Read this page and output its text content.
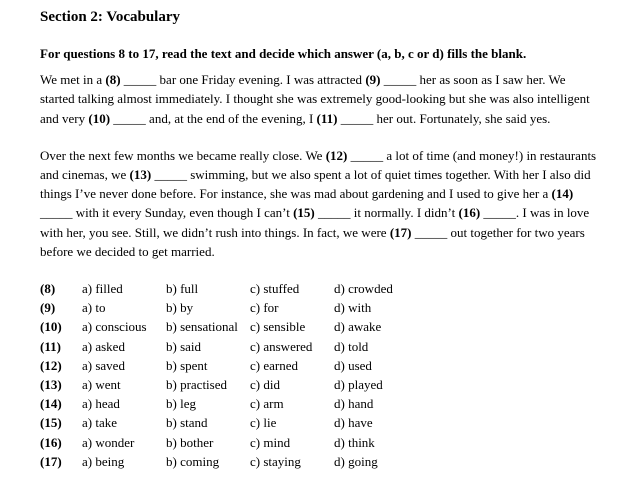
Section 2: Vocabulary

For questions 8 to 17, read the text and decide which answer (a, b, c or d) fills the blank.

We met in a (8) _____ bar one Friday evening. I was attracted (9) _____ her as soon as I saw her. We started talking almost immediately. I thought she was extremely good-looking but she was also intelligent and very (10) _____ and, at the end of the evening, I (11) _____ her out. Fortunately, she said yes.

Over the next few months we became really close. We (12) _____ a lot of time (and money!) in restaurants and cinemas, we (13) _____ swimming, but we also spent a lot of quiet times together. With her I also did things I’ve never done before. For instance, she was mad about gardening and I used to give her a (14) _____ with it every Sunday, even though I can’t (15) _____ it normally. I didn’t (16) _____. I was in love with her, you see. Still, we didn’t rush into things. In fact, we were (17) _____ out together for two years before we decided to get married.

(8)	a) filled	b) full	c) stuffed	d) crowded
(9)	a) to	b) by	c) for	d) with
(10)	a) conscious	b) sensational	c) sensible	d) awake
(11)	a) asked	b) said	c) answered	d) told
(12)	a) saved	b) spent	c) earned	d) used
(13)	a) went	b) practised	c) did	d) played
(14)	a) head	b) leg	c) arm	d) hand
(15)	a) take	b) stand	c) lie	d) have
(16)	a) wonder	b) bother	c) mind	d) think
(17)	a) being	b) coming	c) staying	d) going
